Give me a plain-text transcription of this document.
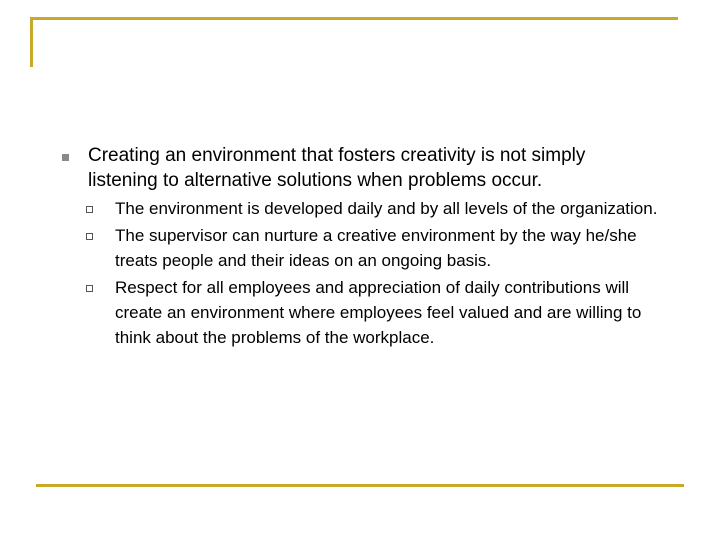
Creating an environment that fosters creativity is not simply listening to alternative solutions when problems occur.
The environment is developed daily and by all levels of the organization.
The supervisor can nurture a creative environment by the way he/she treats people and their ideas on an ongoing basis.
Respect for all employees and appreciation of daily contributions will create an environment where employees feel valued and are willing to think about the problems of the workplace.
